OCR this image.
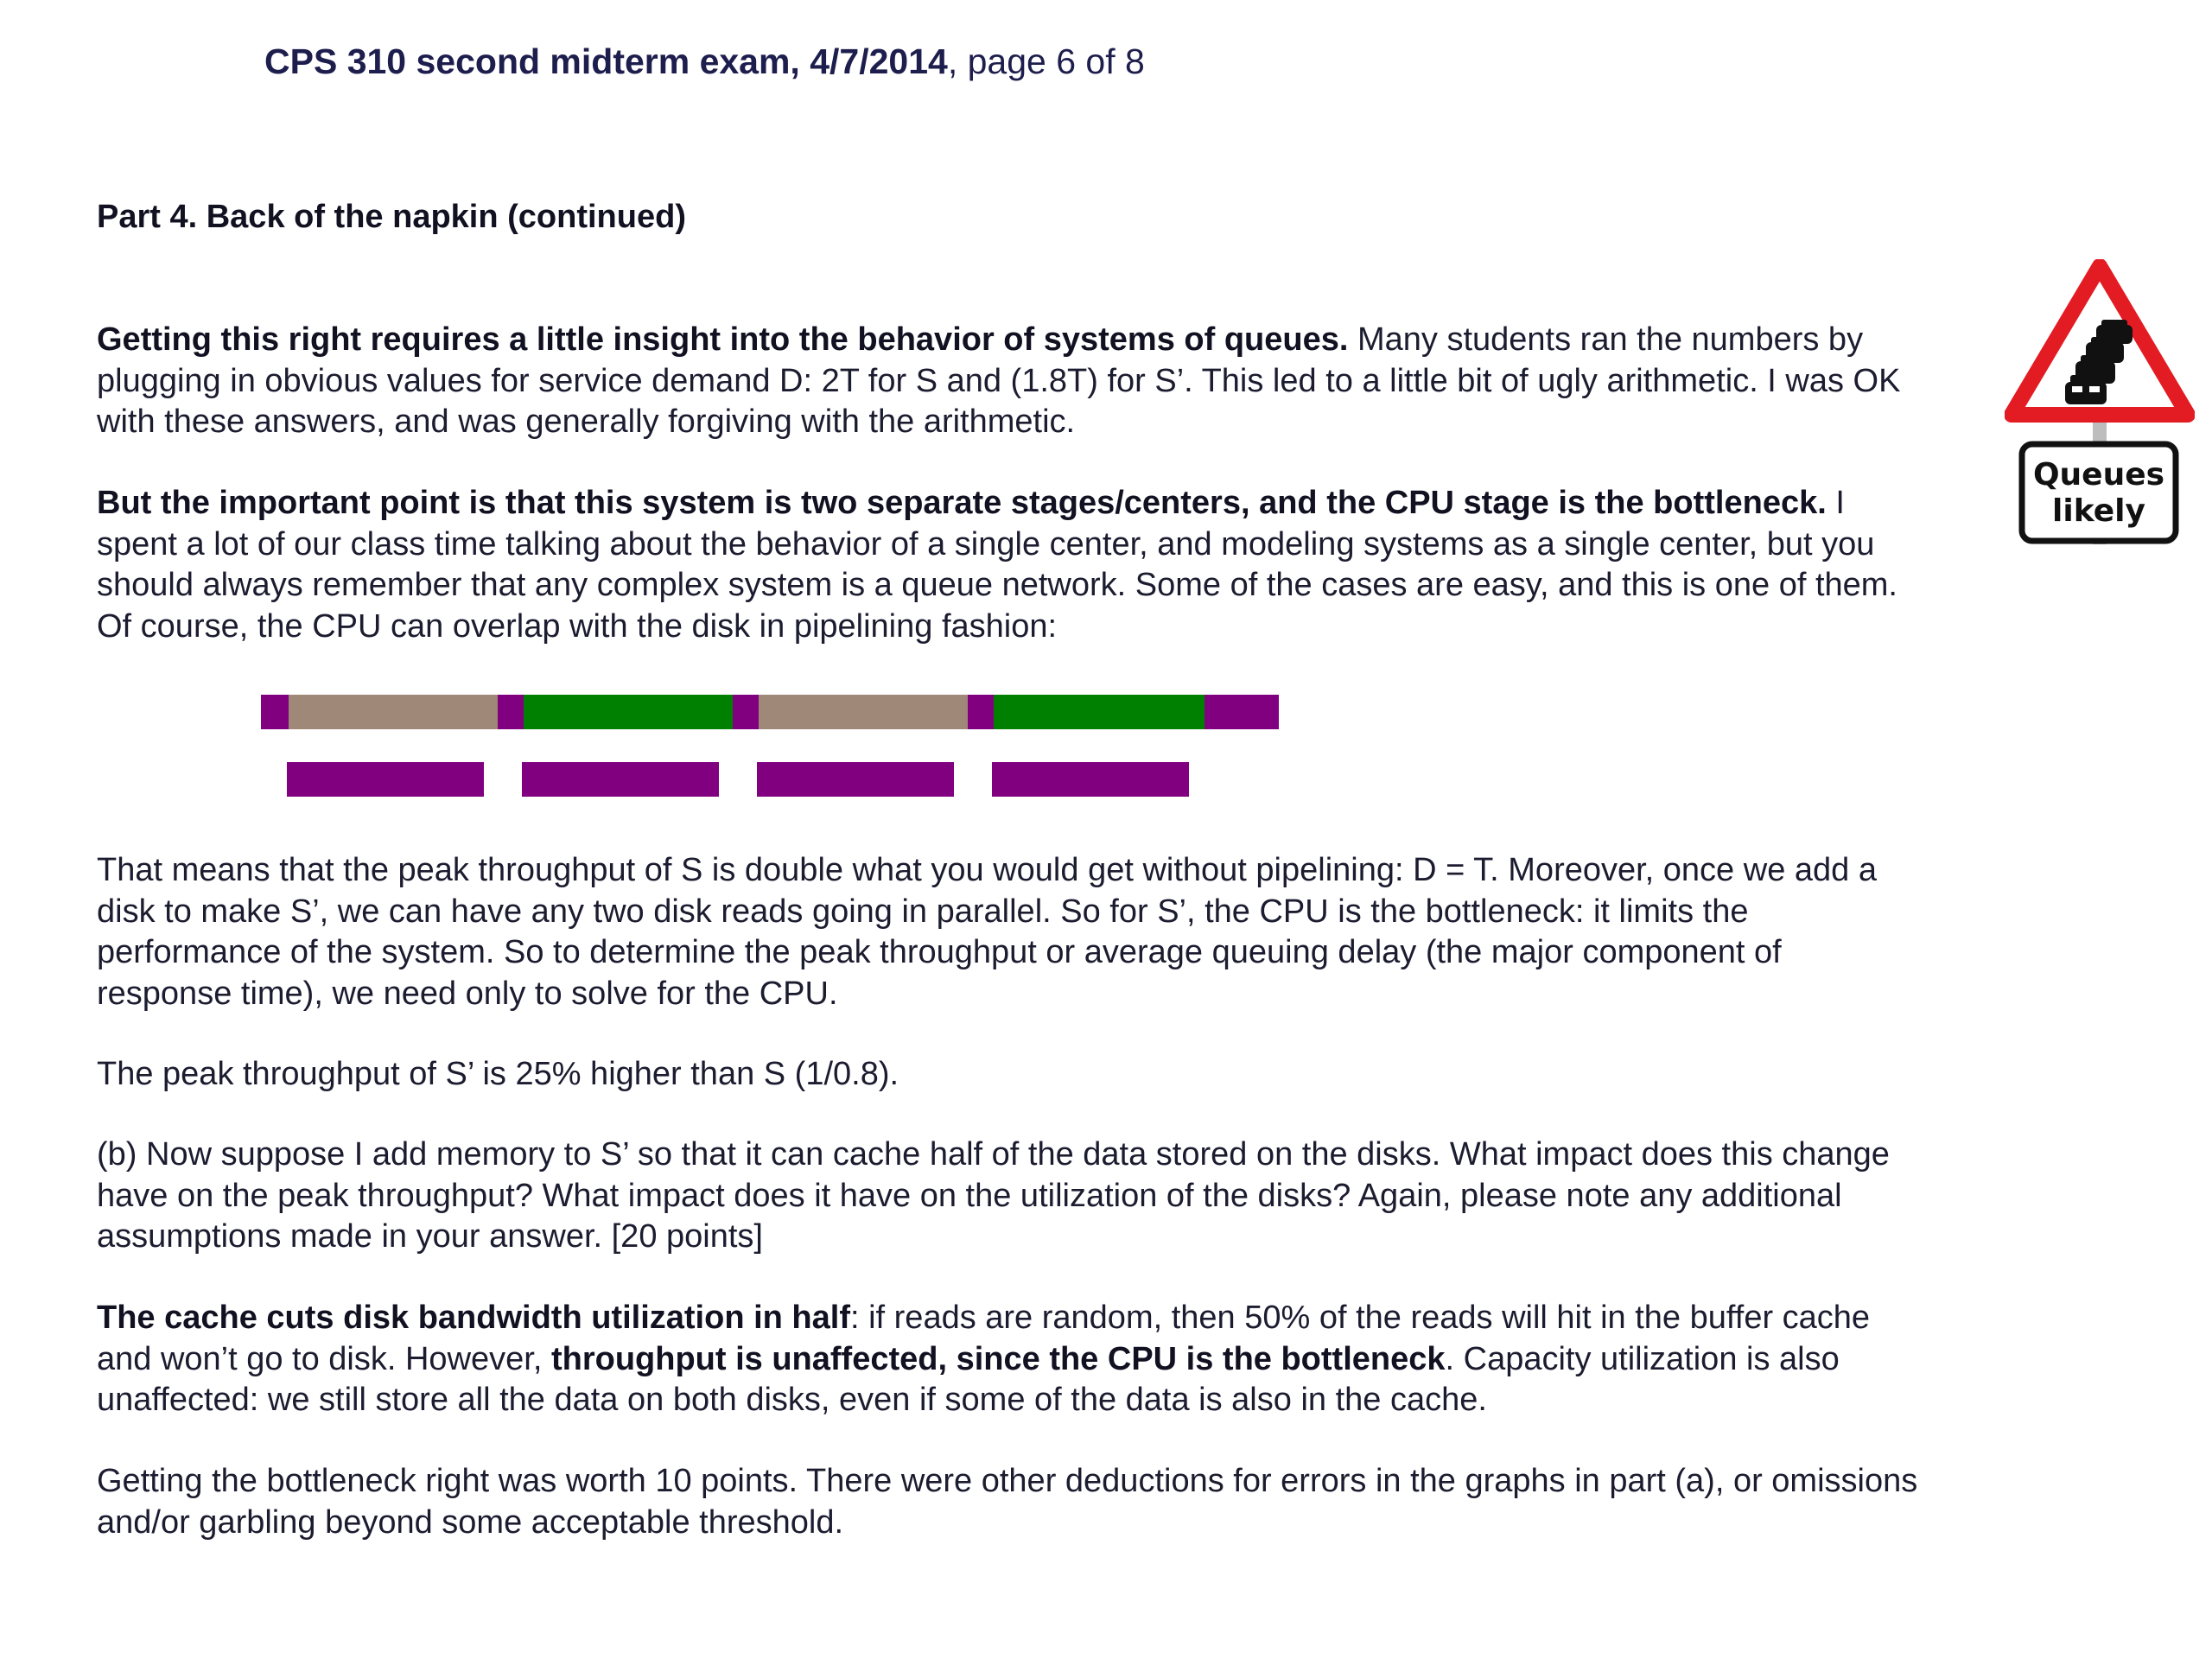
CPS 310 second midterm exam, 4/7/2014, page 6 of 8
Part 4. Back of the napkin (continued)

Getting this right requires a little insight into the behavior of systems of queues. Many students ran the numbers by plugging in obvious values for service demand D: 2T for S and (1.8T) for S’. This led to a little bit of ugly arithmetic. I was OK with these answers, and was generally forgiving with the arithmetic.

But the important point is that this system is two separate stages/centers, and the CPU stage is the bottleneck. I spent a lot of our class time talking about the behavior of a single center, and modeling systems as a single center, but you should always remember that any complex system is a queue network. Some of the cases are easy, and this is one of them. Of course, the CPU can overlap with the disk in pipelining fashion:

That means that the peak throughput of S is double what you would get without pipelining: D = T. Moreover, once we add a disk to make S’, we can have any two disk reads going in parallel. So for S’, the CPU is the bottleneck: it limits the performance of the system. So to determine the peak throughput or average queuing delay (the major component of response time), we need only to solve for the CPU.

The peak throughput of S’ is 25% higher than S (1/0.8).

(b) Now suppose I add memory to S’ so that it can cache half of the data stored on the disks. What impact does this change have on the peak throughput? What impact does it have on the utilization of the disks? Again, please note any additional assumptions made in your answer. [20 points]

The cache cuts disk bandwidth utilization in half: if reads are random, then 50% of the reads will hit in the buffer cache and won’t go to disk. However, throughput is unaffected, since the CPU is the bottleneck. Capacity utilization is also unaffected: we still store all the data on both disks, even if some of the data is also in the cache.

Getting the bottleneck right was worth 10 points. There were other deductions for errors in the graphs in part (a), or omissions and/or garbling beyond some acceptable threshold.

Queues
likely
